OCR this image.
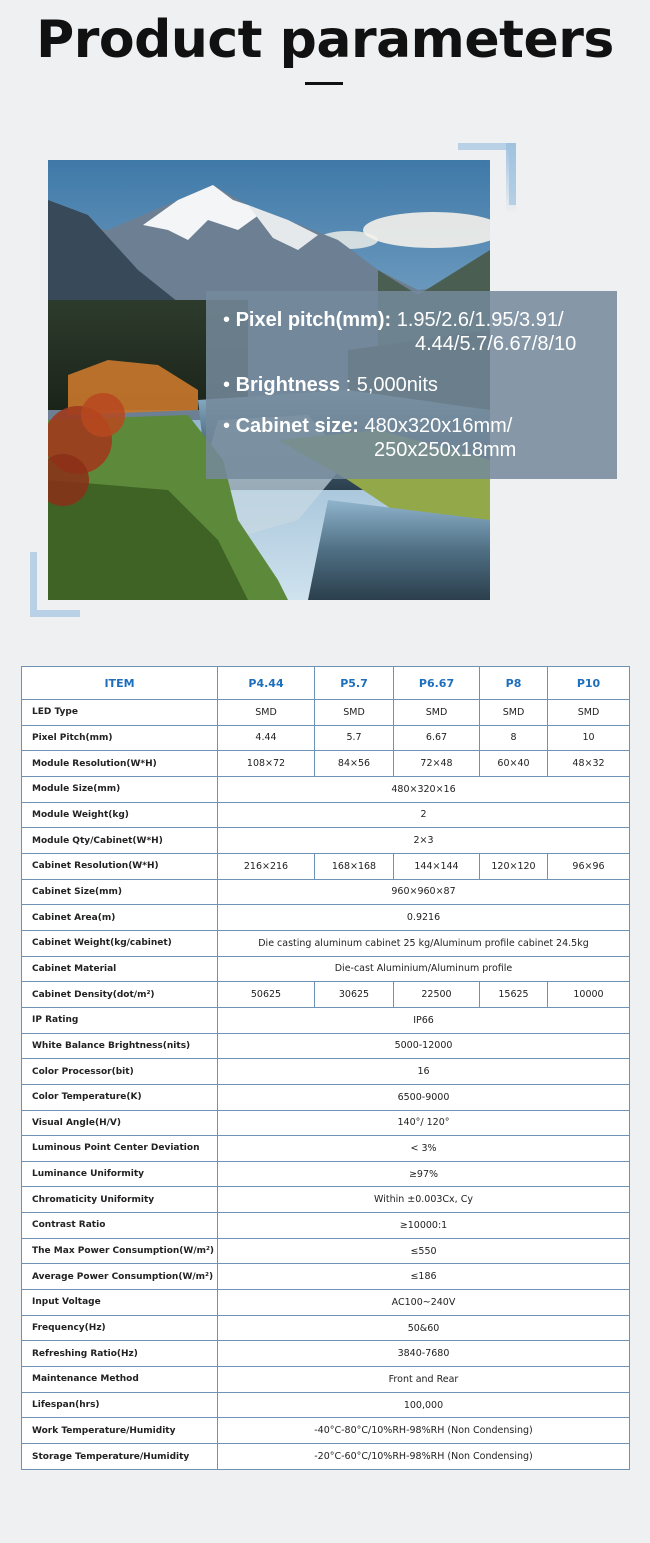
Product parameters
• Pixel pitch(mm): 1.95/2.6/1.95/3.91/
4.44/5.7/6.67/8/10
• Brightness : 5,000nits
• Cabinet size: 480x320x16mm/
250x250x18mm
ITEM	P4.44	P5.7	P6.67	P8	P10
LED Type	SMD	SMD	SMD	SMD	SMD
Pixel Pitch(mm)	4.44	5.7	6.67	8	10
Module Resolution(W*H)	108×72	84×56	72×48	60×40	48×32
Module Size(mm)	480×320×16				
Module Weight(kg)	2				
Module Qty/Cabinet(W*H)	2×3				
Cabinet Resolution(W*H)	216×216	168×168	144×144	120×120	96×96
Cabinet Size(mm)	960×960×87				
Cabinet Area(m)	0.9216				
Cabinet Weight(kg/cabinet)	Die casting aluminum cabinet 25 kg/Aluminum profile cabinet 24.5kg				
Cabinet Material	Die-cast Aluminium/Aluminum profile				
Cabinet Density(dot/m²)	50625	30625	22500	15625	10000
IP Rating	IP66				
White Balance Brightness(nits)	5000-12000				
Color Processor(bit)	16				
Color Temperature(K)	6500-9000				
Visual Angle(H/V)	140°/ 120°				
Luminous Point Center Deviation	< 3%				
Luminance Uniformity	≥97%				
Chromaticity Uniformity	Within ±0.003Cx, Cy				
Contrast Ratio	≥10000:1				
The Max Power Consumption(W/m²)	≤550				
Average Power Consumption(W/m²)	≤186				
Input Voltage	AC100~240V				
Frequency(Hz)	50&60				
Refreshing Ratio(Hz)	3840-7680				
Maintenance Method	Front and Rear				
Lifespan(hrs)	100,000				
Work Temperature/Humidity	-40°C-80°C/10%RH-98%RH (Non Condensing)				
Storage Temperature/Humidity	-20°C-60°C/10%RH-98%RH (Non Condensing)				
